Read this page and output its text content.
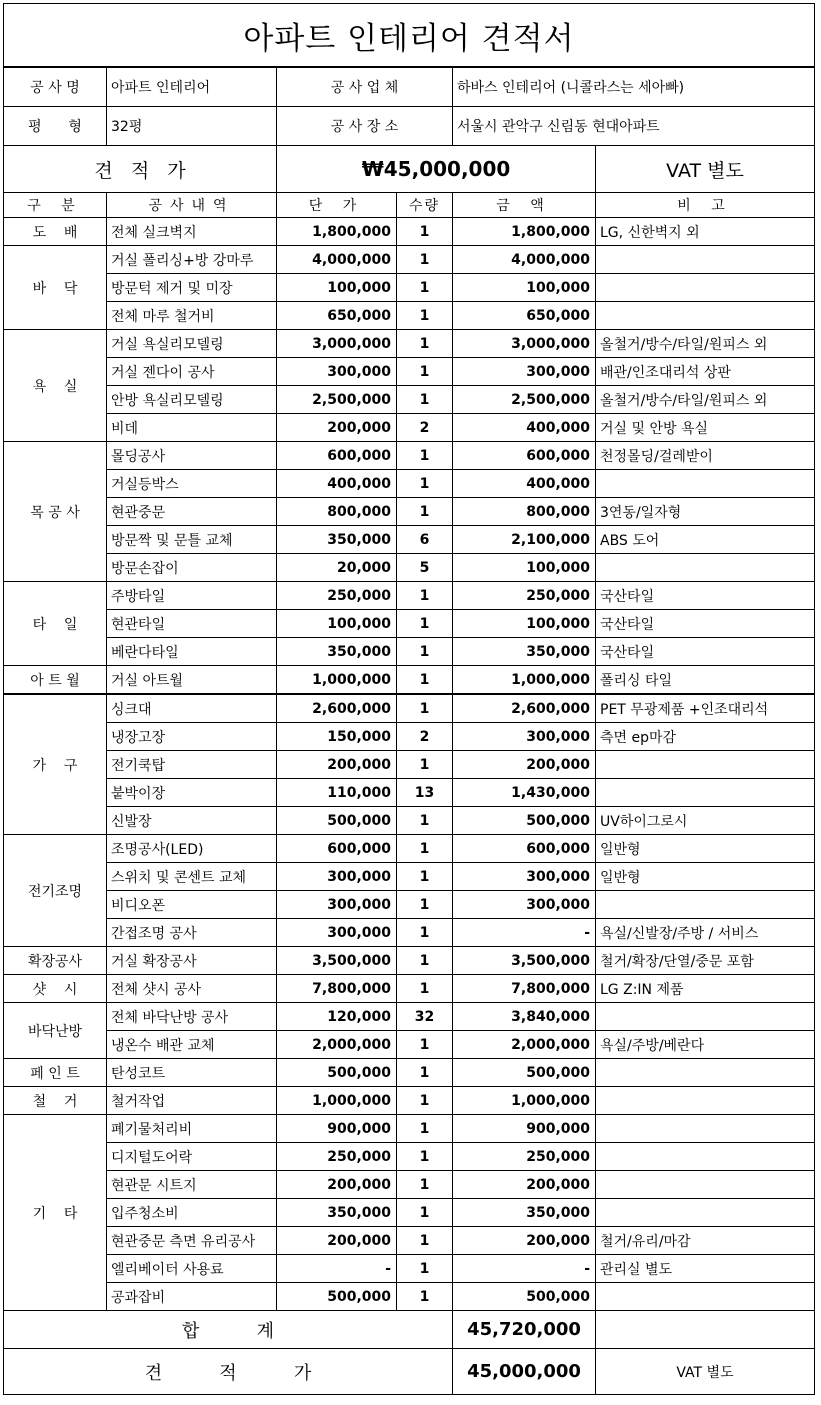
아파트 인테리어 견적서					
공 사 명	아파트 인테리어	공 사 업 체		하바스 인테리어 (니콜라스는 세아빠)	
평      형	32평	공 사 장 소		서울시 관악구 신림동 현대아파트	
견   적   가		₩45,000,000			VAT 별도
구 분	공사내역	단 가	수량	금 액	비 고
도    배	전체 실크벽지	1,800,000	1	1,800,000	LG, 신한벽지 외
바    닥	거실 폴리싱+방 강마루	4,000,000	1	4,000,000	
	방문턱 제거 및 미장	100,000	1	100,000	
	전체 마루 철거비	650,000	1	650,000	
욕    실	거실 욕실리모델링	3,000,000	1	3,000,000	올철거/방수/타일/원피스 외
	거실 젠다이 공사	300,000	1	300,000	배관/인조대리석 상판
	안방 욕실리모델링	2,500,000	1	2,500,000	올철거/방수/타일/원피스 외
	비데	200,000	2	400,000	거실 및 안방 욕실
목 공 사	몰딩공사	600,000	1	600,000	천정몰딩/걸레받이
	거실등박스	400,000	1	400,000	
	현관중문	800,000	1	800,000	3연동/일자형
	방문짝 및 문틀 교체	350,000	6	2,100,000	ABS 도어
	방문손잡이	20,000	5	100,000	
타    일	주방타일	250,000	1	250,000	국산타일
	현관타일	100,000	1	100,000	국산타일
	베란다타일	350,000	1	350,000	국산타일
아 트 월	거실 아트월	1,000,000	1	1,000,000	폴리싱 타일
가    구	싱크대	2,600,000	1	2,600,000	PET 무광제품 +인조대리석
	냉장고장	150,000	2	300,000	측면 ep마감
	전기쿡탑	200,000	1	200,000	
	붙박이장	110,000	13	1,430,000	
	신발장	500,000	1	500,000	UV하이그로시
전기조명	조명공사(LED)	600,000	1	600,000	일반형
	스위치 및 콘센트 교체	300,000	1	300,000	일반형
	비디오폰	300,000	1	300,000	
	간접조명 공사	300,000	1	-	욕실/신발장/주방 / 서비스
확장공사	거실 확장공사	3,500,000	1	3,500,000	철거/확장/단열/중문 포함
샷    시	전체 샷시 공사	7,800,000	1	7,800,000	LG Z:IN 제품
바닥난방	전체 바닥난방 공사	120,000	32	3,840,000	
	냉온수 배관 교체	2,000,000	1	2,000,000	욕실/주방/베란다
페 인 트	탄성코트	500,000	1	500,000	
철    거	철거작업	1,000,000	1	1,000,000	
기    타	폐기물처리비	900,000	1	900,000	
	디지털도어락	250,000	1	250,000	
	현관문 시트지	200,000	1	200,000	
	입주청소비	350,000	1	350,000	
	현관중문 측면 유리공사	200,000	1	200,000	철거/유리/마감
	엘리베이터 사용료	-	1	-	관리실 별도
	공과잡비	500,000	1	500,000	
합          계				45,720,000	
견          적          가				45,000,000	VAT 별도
